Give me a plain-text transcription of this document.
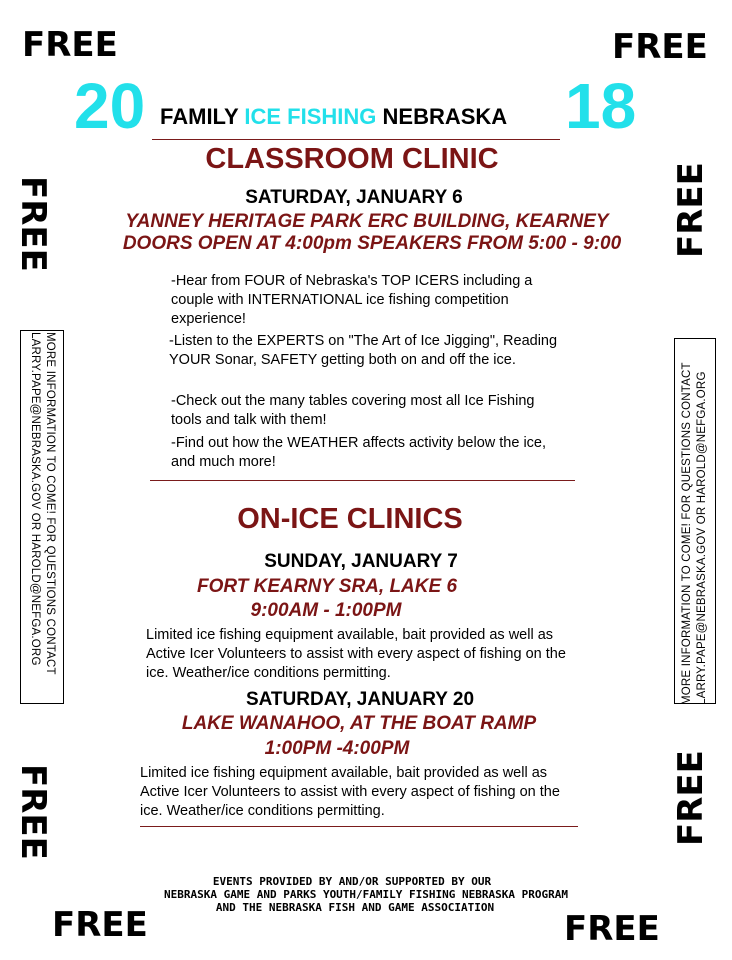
FREE	FREE
FREE	FREE
FREE
FREE
FREE
FREE
20	18
FAMILY ICE FISHING NEBRASKA
CLASSROOM CLINIC
SATURDAY, JANUARY 6
YANNEY HERITAGE PARK ERC BUILDING, KEARNEY
DOORS OPEN AT 4:00pm SPEAKERS FROM 5:00 - 9:00
-Hear from FOUR of Nebraska's TOP ICERS including a couple with INTERNATIONAL ice fishing competition experience!
-Listen to the EXPERTS on "The Art of Ice Jigging", Reading YOUR Sonar, SAFETY getting both on and off the ice.
-Check out the many tables covering most all Ice Fishing tools and talk with them!
-Find out how the WEATHER affects activity below the ice, and much more!
ON-ICE CLINICS
SUNDAY, JANUARY 7
FORT KEARNY SRA, LAKE 6
9:00AM - 1:00PM
Limited ice fishing equipment available, bait provided as well as Active Icer Volunteers to assist with every aspect of fishing on the ice. Weather/ice conditions permitting.
SATURDAY, JANUARY 20
LAKE WANAHOO, AT THE BOAT RAMP
1:00PM -4:00PM
Limited ice fishing equipment available, bait provided as well as Active Icer Volunteers to assist with every aspect of fishing on the ice. Weather/ice conditions permitting.
MORE INFORMATION TO COME! FOR QUESTIONS CONTACT
LARRY.PAPE@NEBRASKA.GOV OR HAROLD@NEFGA.ORG	MORE INFORMATION TO COME! FOR QUESTIONS CONTACT LARRY.PAPE@NEBRASKA.GOV OR HAROLD@NEFGA.ORG
EVENTS PROVIDED BY AND/OR SUPPORTED BY OUR
NEBRASKA GAME AND PARKS YOUTH/FAMILY FISHING NEBRASKA PROGRAM
AND THE NEBRASKA FISH AND GAME ASSOCIATION
